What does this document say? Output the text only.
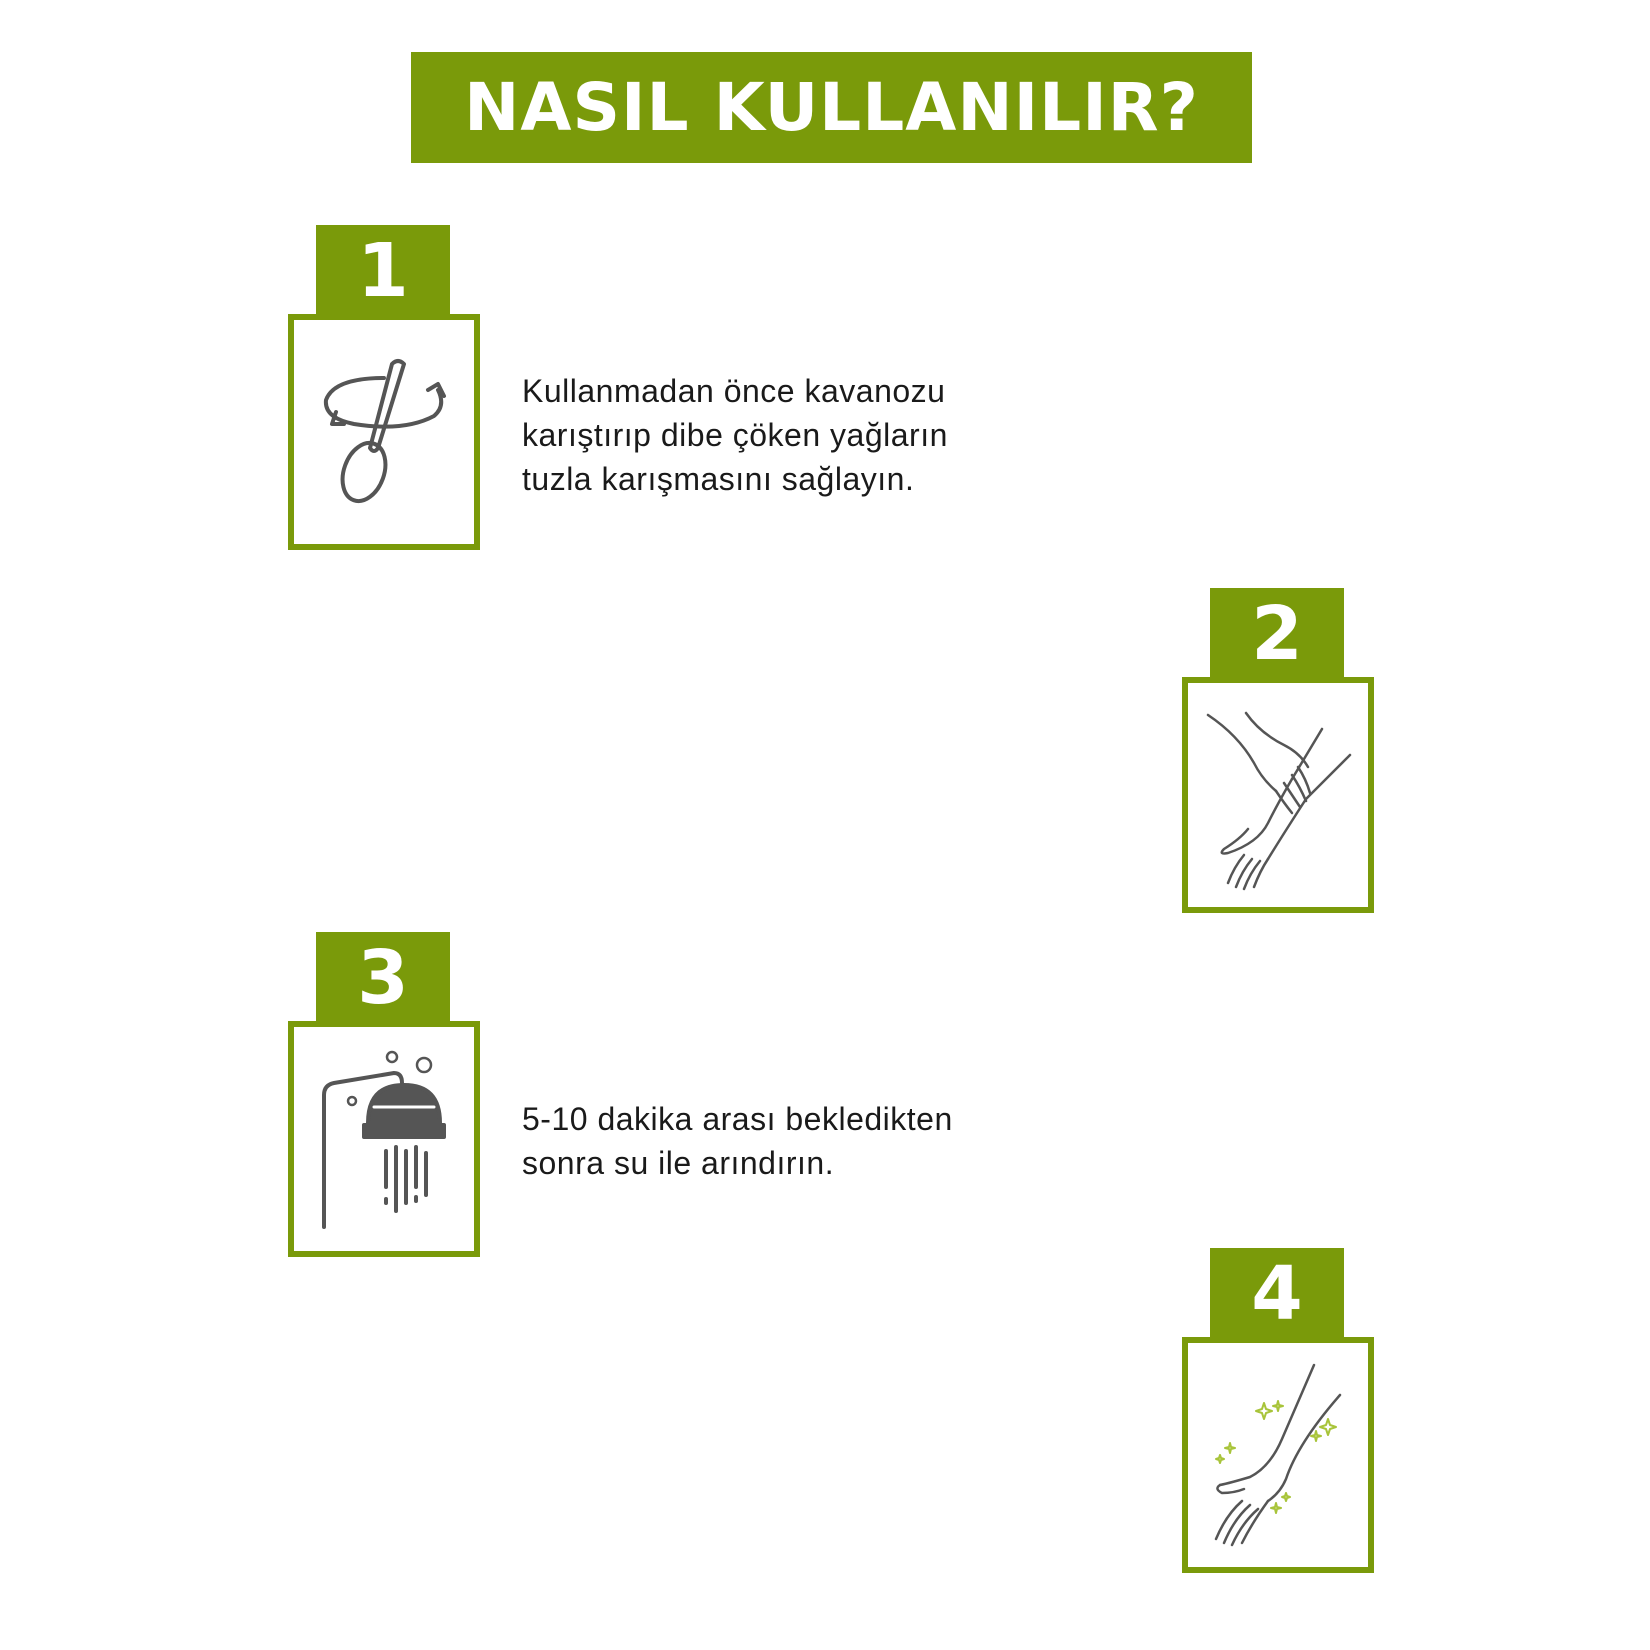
NASIL KULLANILIR?
1
Kullanmadan önce kavanozu
karıştırıp dibe çöken yağların
tuzla karışmasını sağlayın.
2
3
5-10 dakika arası bekledikten
sonra su ile arındırın.
4
